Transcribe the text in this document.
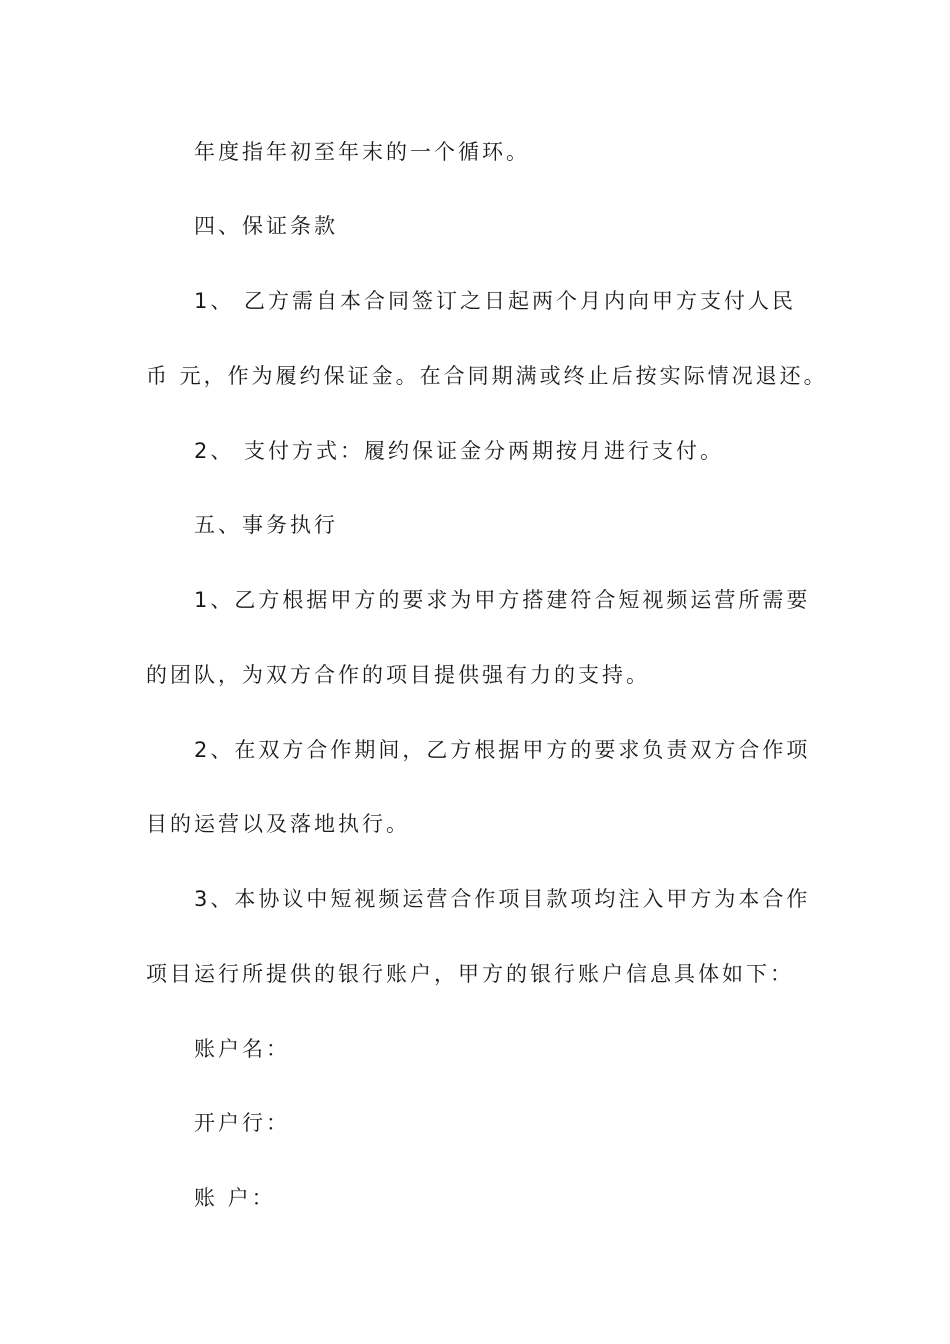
年度指年初至年末的一个循环。
四、保证条款
1、 乙方需自本合同签订之日起两个月内向甲方支付人民
币 元，作为履约保证金。在合同期满或终止后按实际情况退还。
2、 支付方式：履约保证金分两期按月进行支付。
五、事务执行
1、乙方根据甲方的要求为甲方搭建符合短视频运营所需要
的团队，为双方合作的项目提供强有力的支持。
2、在双方合作期间，乙方根据甲方的要求负责双方合作项
目的运营以及落地执行。
3、本协议中短视频运营合作项目款项均注入甲方为本合作
项目运行所提供的银行账户，甲方的银行账户信息具体如下：
账户名：
开户行：
账 户：
